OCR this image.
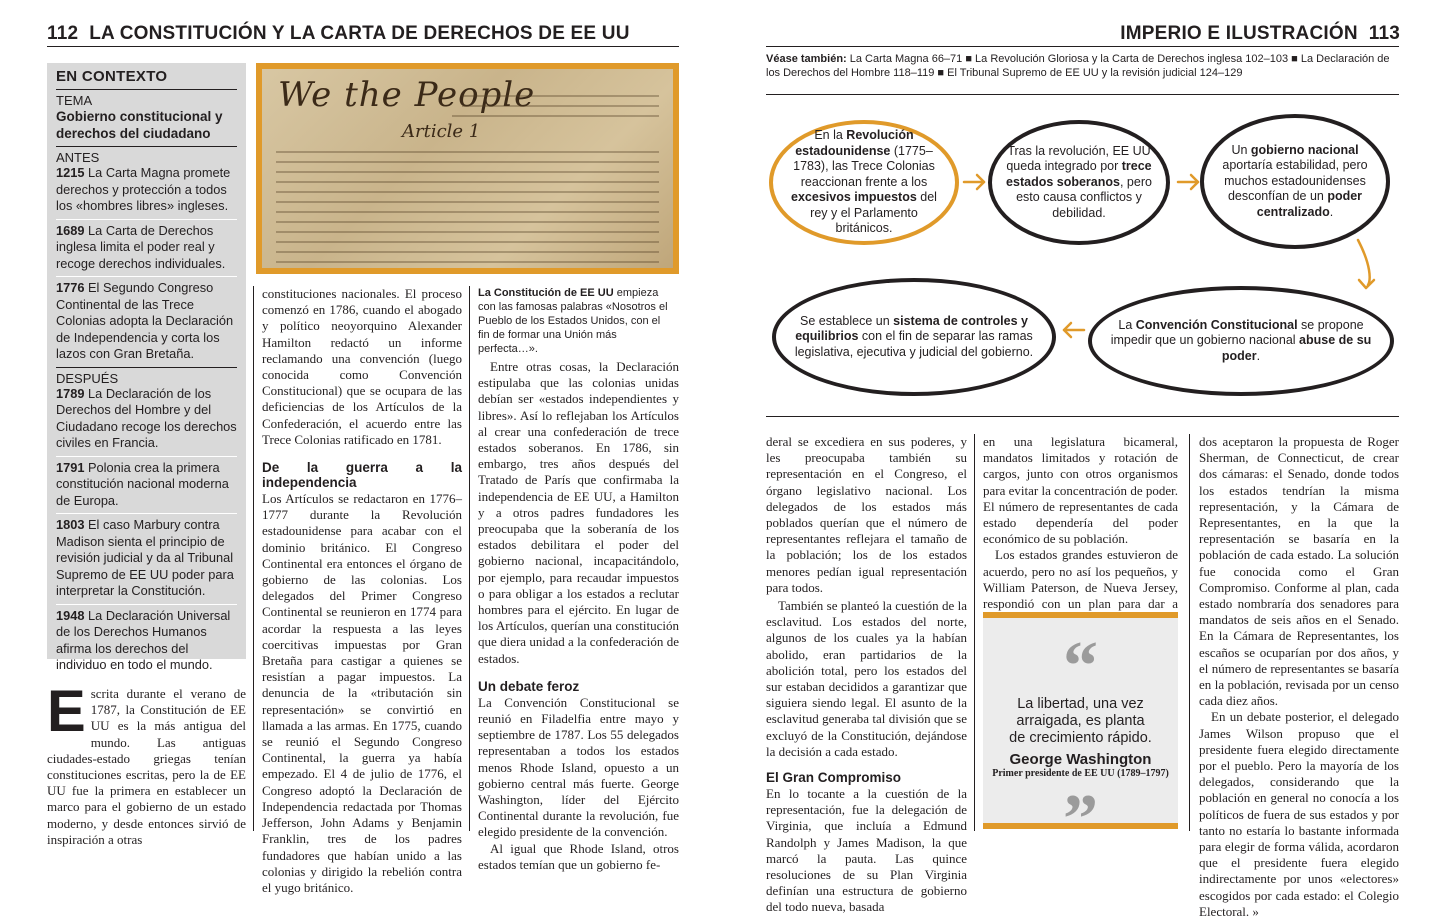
112 LA CONSTITUCIÓN Y LA CARTA DE DERECHOS DE EE UU	IMPERIO E ILUSTRACIÓN 113
EN CONTEXTO
TEMA
Gobierno constitucional y derechos del ciudadano
ANTES
1215 La Carta Magna promete derechos y protección a todos los «hombres libres» ingleses.
1689 La Carta de Derechos inglesa limita el poder real y recoge derechos individuales.
1776 El Segundo Congreso Continental de las Trece Colonias adopta la Declaración de Independencia y corta los lazos con Gran Bretaña.
DESPUÉS
1789 La Declaración de los Derechos del Hombre y del Ciudadano recoge los derechos civiles en Francia.
1791 Polonia crea la primera constitución nacional moderna de Europa.
1803 El caso Marbury contra Madison sienta el principio de revisión judicial y da al Tribunal Supremo de EE UU poder para interpretar la Constitución.
1948 La Declaración Universal de los Derechos Humanos afirma los derechos del individuo en todo el mundo.
We the People
Article 1
Escrita durante el verano de 1787, la Constitución de EE UU es la más antigua del mundo. Las antiguas ciudades-estado griegas tenían constituciones escritas, pero la de EE UU fue la primera en establecer un marco para el gobierno de un estado moderno, y desde entonces sirvió de inspiración a otras

constituciones nacionales. El proceso comenzó en 1786, cuando el abogado y político neoyorquino Alexander Hamilton redactó un informe reclamando una convención (luego conocida como Convención Constitucional) que se ocupara de las deficiencias de los Artículos de la Confederación, el acuerdo entre las Trece Colonias ratificado en 1781.

De la guerra a la independencia

Los Artículos se redactaron en 1776–1777 durante la Revolución estadounidense para acabar con el dominio británico. El Congreso Continental era entonces el órgano de gobierno de las colonias. Los delegados del Primer Congreso Continental se reunieron en 1774 para acordar la respuesta a las leyes coercitivas impuestas por Gran Bretaña para castigar a quienes se resistían a pagar impuestos. La denuncia de la «tributación sin representación» se convirtió en llamada a las armas. En 1775, cuando se reunió el Segundo Congreso Continental, la guerra ya había empezado. El 4 de julio de 1776, el Congreso adoptó la Declaración de Independencia redactada por Thomas Jefferson, John Adams y Benjamin Franklin, tres de los padres fundadores que habían unido a las colonias y dirigido la rebelión contra el yugo británico.

La Constitución de EE UU empieza con las famosas palabras «Nosotros el Pueblo de los Estados Unidos, con el fin de formar una Unión más perfecta…».

Entre otras cosas, la Declaración estipulaba que las colonias unidas debían ser «estados independientes y libres». Así lo reflejaban los Artículos al crear una confederación de trece estados soberanos. En 1786, sin embargo, tres años después del Tratado de París que confirmaba la independencia de EE UU, a Hamilton y a otros padres fundadores les preocupaba que la soberanía de los estados debilitara el poder del gobierno nacional, incapacitándolo, por ejemplo, para recaudar impuestos o para obligar a los estados a reclutar hombres para el ejército. En lugar de los Artículos, querían una constitución que diera unidad a la confederación de estados.

Un debate feroz

La Convención Constitucional se reunió en Filadelfia entre mayo y septiembre de 1787. Los 55 delegados representaban a todos los estados menos Rhode Island, opuesto a un gobierno central más fuerte. George Washington, líder del Ejército Continental durante la revolución, fue elegido presidente de la convención.

Al igual que Rhode Island, otros estados temían que un gobierno fe-

Véase también: La Carta Magna 66–71 ■ La Revolución Gloriosa y la Carta de Derechos inglesa 102–103 ■ La Declaración de los Derechos del Hombre 118–119 ■ El Tribunal Supremo de EE UU y la revisión judicial 124–129
En la Revolución estadounidense (1775–1783), las Trece Colonias reaccionan frente a los excesivos impuestos del rey y el Parlamento británicos.
Tras la revolución, EE UU queda integrado por trece estados soberanos, pero esto causa conflictos y debilidad.
Un gobierno nacional aportaría estabilidad, pero muchos estadounidenses desconfían de un poder centralizado.
La Convención Constitucional se propone impedir que un gobierno nacional abuse de su poder.
Se establece un sistema de controles y equilibrios con el fin de separar las ramas legislativa, ejecutiva y judicial del gobierno.

deral se excediera en sus poderes, y les preocupaba también su representación en el Congreso, el órgano legislativo nacional. Los delegados de los estados más poblados querían que el número de representantes reflejara el tamaño de la población; los de los estados menores pedían igual representación para todos.

También se planteó la cuestión de la esclavitud. Los estados del norte, algunos de los cuales ya la habían abolido, eran partidarios de la abolición total, pero los estados del sur estaban decididos a garantizar que siguiera siendo legal. El asunto de la esclavitud generaba tal división que se excluyó de la Constitución, dejándose la decisión a cada estado.

El Gran Compromiso

En lo tocante a la cuestión de la representación, fue la delegación de Virginia, que incluía a Edmund Randolph y James Madison, la que marcó la pauta. Las quince resoluciones de su Plan Virginia definían una estructura de gobierno del todo nueva, basada

en una legislatura bicameral, mandatos limitados y rotación de cargos, junto con otros organismos para evitar la concentración de poder. El número de representantes de cada estado dependería del poder económico de su población.

Los estados grandes estuvieron de acuerdo, pero no así los pequeños, y William Paterson, de Nueva Jersey, respondió con un plan para dar a

“
La libertad, una vez arraigada, es planta de crecimiento rápido.
George Washington
Primer presidente de EE UU (1789–1797)
”

dos aceptaron la propuesta de Roger Sherman, de Connecticut, de crear dos cámaras: el Senado, donde todos los estados tendrían la misma representación, y la Cámara de Representantes, en la que la representación se basaría en la población de cada estado. La solución fue conocida como el Gran Compromiso. Conforme al plan, cada estado nombraría dos senadores para mandatos de seis años en el Senado. En la Cámara de Representantes, los escaños se ocuparían por dos años, y el número de representantes se basaría en la población, revisada por un censo cada diez años.

En un debate posterior, el delegado James Wilson propuso que el presidente fuera elegido directamente por el pueblo. Pero la mayoría de los delegados, considerando que la población en general no conocía a los políticos de fuera de sus estados y por tanto no estaría lo bastante informada para elegir de forma válida, acordaron que el presidente fuera elegido indirectamente por unos «electores» escogidos por cada estado: el Colegio Electoral. »
